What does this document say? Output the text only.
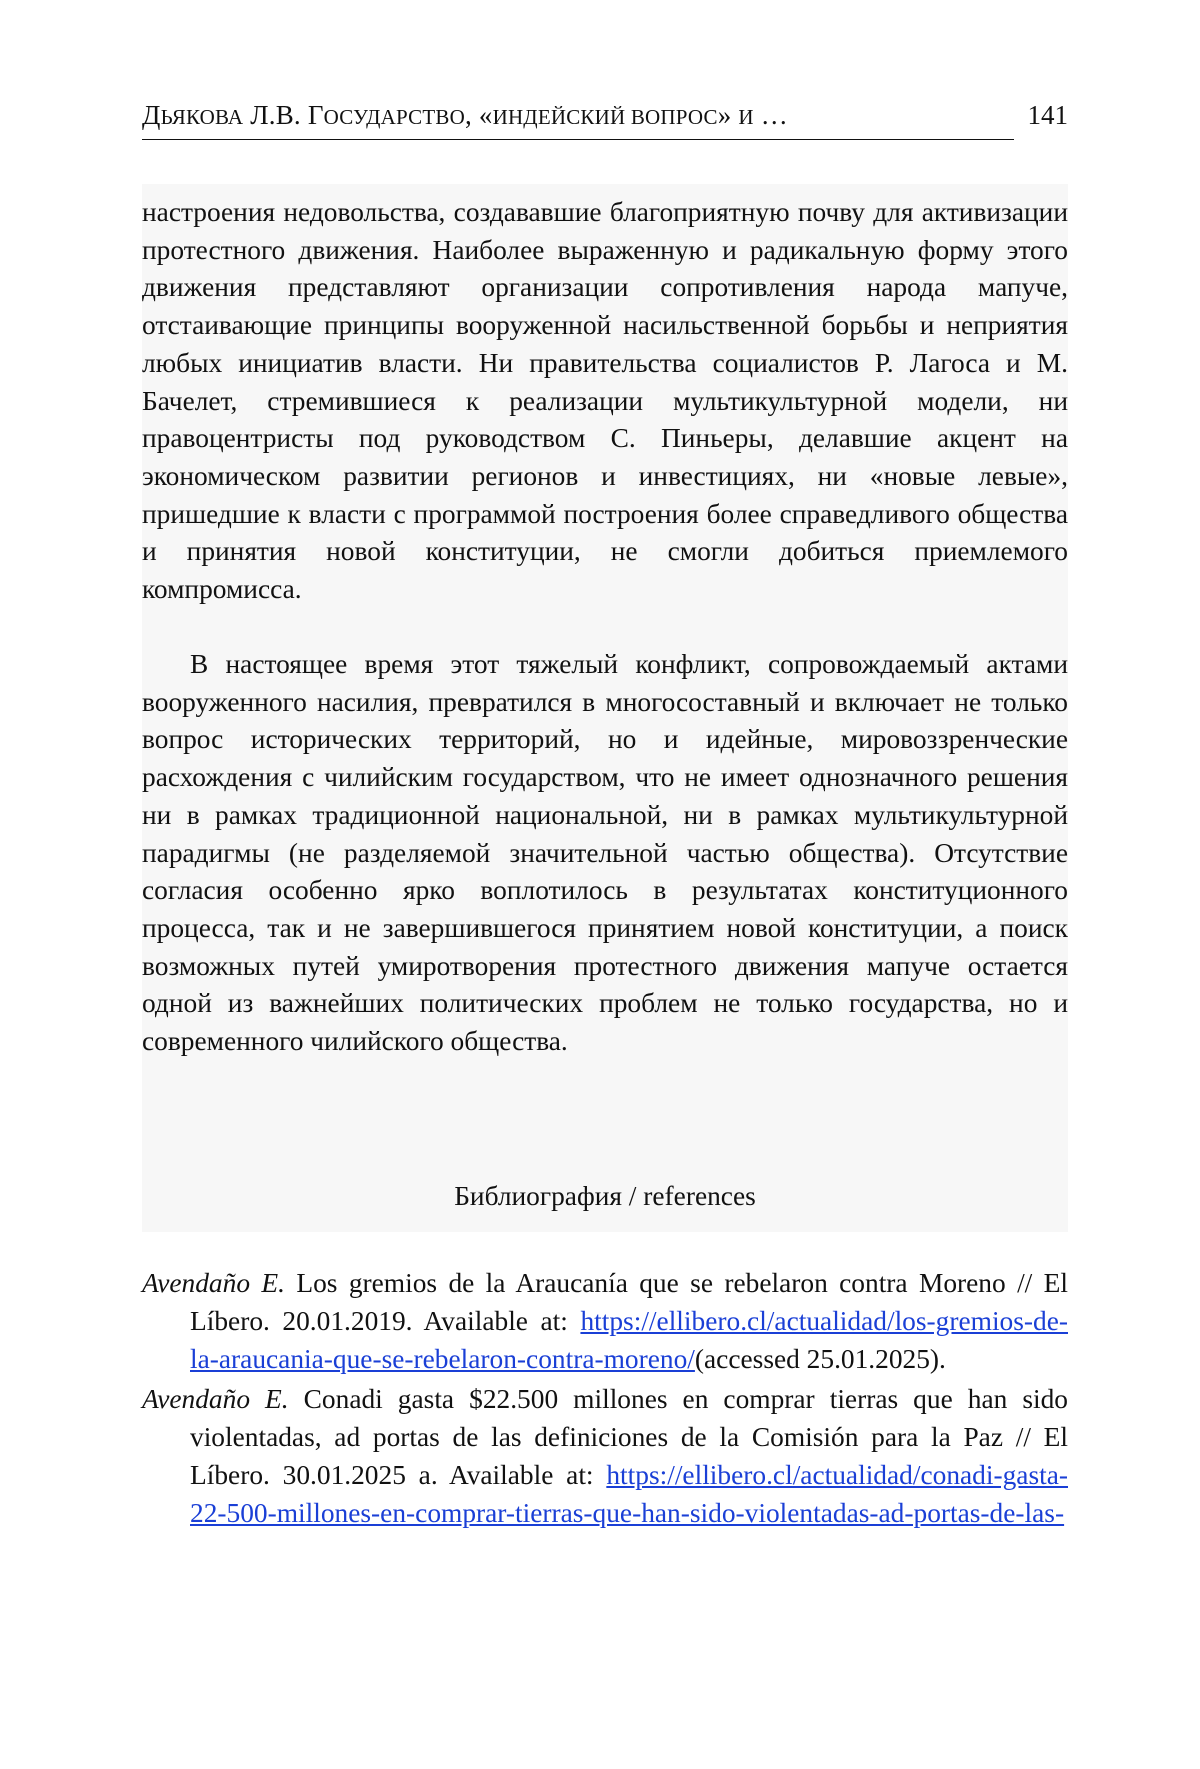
ДЬЯКОВА Л.В. ГОСУДАРСТВО, «ИНДЕЙСКИЙ ВОПРОС» И …	141

настроения недовольства, создававшие благоприятную почву для активизации протестного движения. Наиболее выраженную и радикальную форму этого движения представляют организации сопротивления народа мапуче, отстаивающие принципы вооруженной насильственной борьбы и неприятия любых инициатив власти. Ни правительства социалистов Р. Лагоса и М. Бачелет, стремившиеся к реализации мультикультурной модели, ни правоцентристы под руководством С. Пиньеры, делавшие акцент на экономическом развитии регионов и инвестициях, ни «новые левые», пришедшие к власти с программой построения более справедливого общества и принятия новой конституции, не смогли добиться приемлемого компромисса.

В настоящее время этот тяжелый конфликт, сопровождаемый актами вооруженного насилия, превратился в многосоставный и включает не только вопрос исторических территорий, но и идейные, мировоззренческие расхождения с чилийским государством, что не имеет однозначного решения ни в рамках традиционной национальной, ни в рамках мультикультурной парадигмы (не разделяемой значительной частью общества). Отсутствие согласия особенно ярко воплотилось в результатах конституционного процесса, так и не завершившегося принятием новой конституции, а поиск возможных путей умиротворения протестного движения мапуче остается одной из важнейших политических проблем не только государства, но и современного чилийского общества.

Библиография / references

Avendaño E. Los gremios de la Araucanía que se rebelaron contra Moreno // El Líbero. 20.01.2019. Available at: https://ellibero.cl/actualidad/los-gremios-de-la-araucania-que-se-rebelaron-contra-moreno/(accessed 25.01.2025).

Avendaño E. Conadi gasta $22.500 millones en comprar tierras que han sido violentadas, ad portas de las definiciones de la Comisión para la Paz // El Líbero. 30.01.2025 a. Available at: https://ellibero.cl/actualidad/conadi-gasta-22-500-millones-en-comprar-tierras-que-han-sido-violentadas-ad-portas-de-las-
